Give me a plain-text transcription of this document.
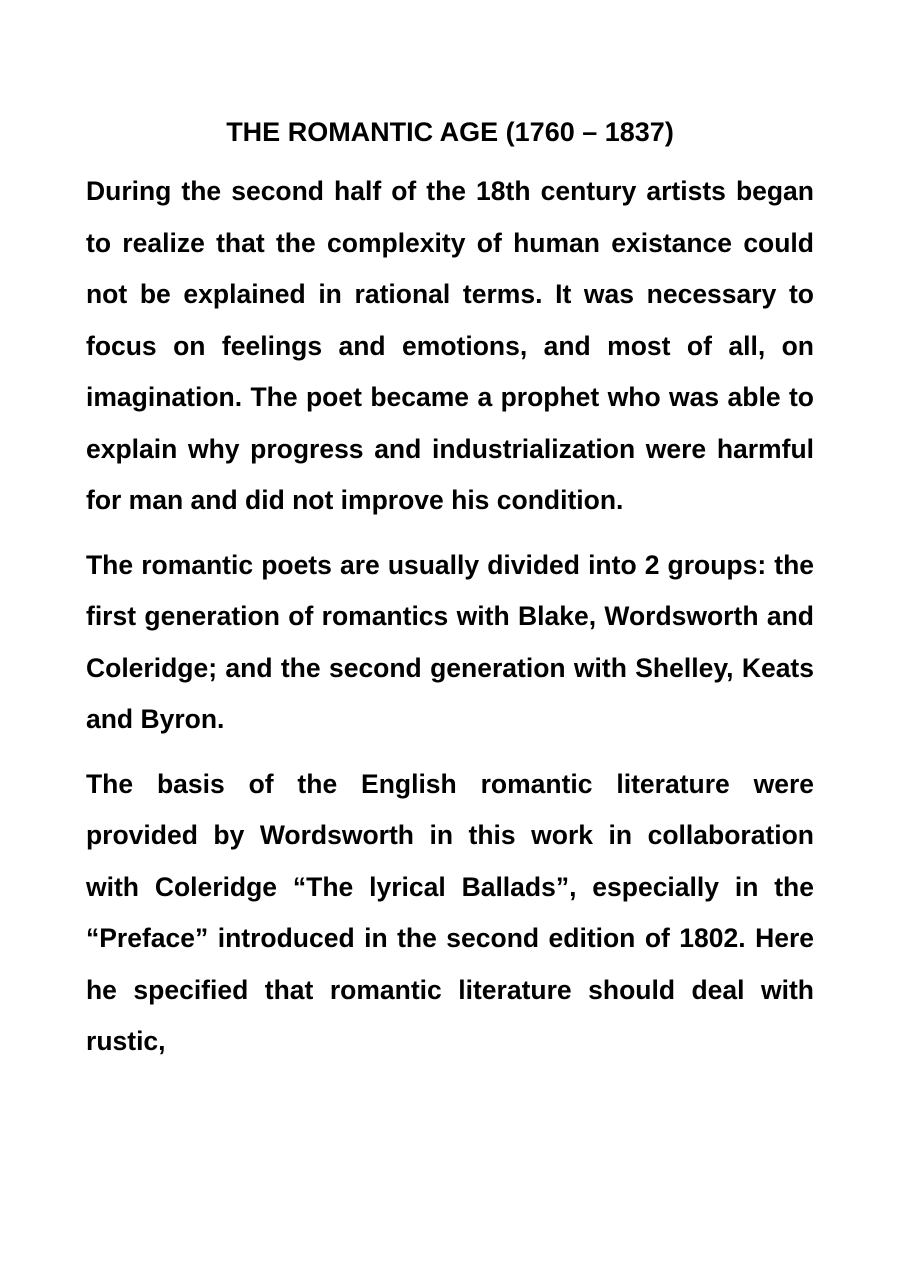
THE ROMANTIC AGE (1760 – 1837)

During the second half of the 18th century artists began to realize that the complexity of human existance could not be explained in rational terms. It was necessary to focus on feelings and emotions, and most of all, on imagination. The poet became a prophet who was able to explain why progress and industrialization were harmful for man and did not improve his condition.

The romantic poets are usually divided into 2 groups: the first generation of romantics with Blake, Wordsworth and Coleridge; and the second generation with Shelley, Keats and Byron.

The basis of the English romantic literature were provided by Wordsworth in this work in collaboration with Coleridge “The lyrical Ballads”, especially in the “Preface” introduced in the second edition of 1802. Here he specified that romantic literature should deal with rustic,
